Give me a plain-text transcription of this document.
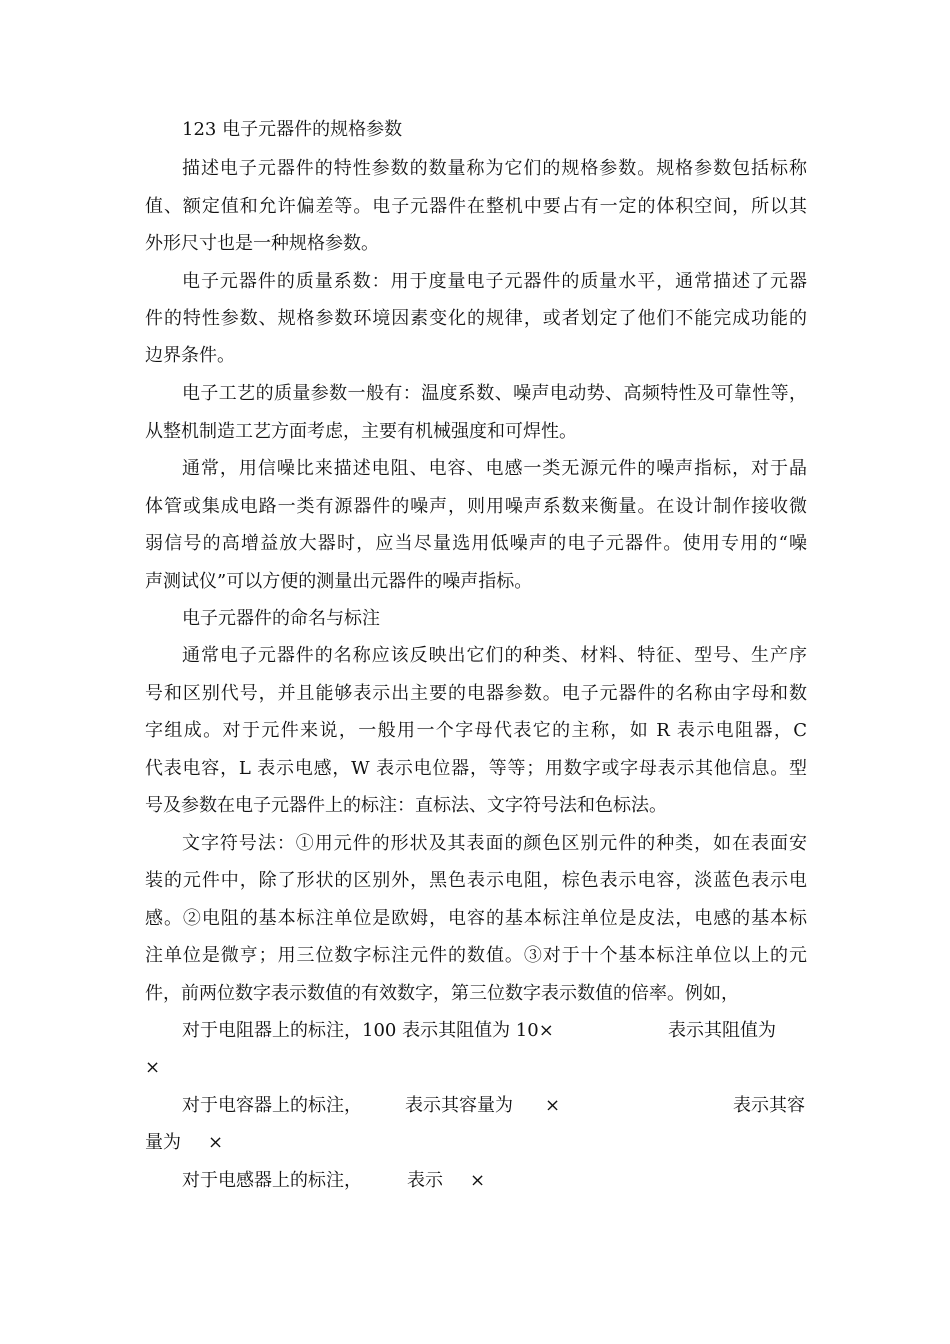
123 电子元器件的规格参数
描述电子元器件的特性参数的数量称为它们的规格参数。规格参数包括标称
值、额定值和允许偏差等。电子元器件在整机中要占有一定的体积空间，所以其
外形尺寸也是一种规格参数。
电子元器件的质量系数：用于度量电子元器件的质量水平，通常描述了元器
件的特性参数、规格参数环境因素变化的规律，或者划定了他们不能完成功能的
边界条件。
电子工艺的质量参数一般有：温度系数、噪声电动势、高频特性及可靠性等，
从整机制造工艺方面考虑，主要有机械强度和可焊性。
通常，用信噪比来描述电阻、电容、电感一类无源元件的噪声指标，对于晶
体管或集成电路一类有源器件的噪声，则用噪声系数来衡量。在设计制作接收微
弱信号的高增益放大器时，应当尽量选用低噪声的电子元器件。使用专用的“噪
声测试仪”可以方便的测量出元器件的噪声指标。
电子元器件的命名与标注
通常电子元器件的名称应该反映出它们的种类、材料、特征、型号、生产序
号和区别代号，并且能够表示出主要的电器参数。电子元器件的名称由字母和数
字组成。对于元件来说，一般用一个字母代表它的主称，如 R 表示电阻器，C
代表电容，L 表示电感，W 表示电位器，等等；用数字或字母表示其他信息。型
号及参数在电子元器件上的标注：直标法、文字符号法和色标法。
文字符号法：①用元件的形状及其表面的颜色区别元件的种类，如在表面安
装的元件中，除了形状的区别外，黑色表示电阻，棕色表示电容，淡蓝色表示电
感。②电阻的基本标注单位是欧姆，电容的基本标注单位是皮法，电感的基本标
注单位是微亨；用三位数字标注元件的数值。③对于十个基本标注单位以上的元
件，前两位数字表示数值的有效数字，第三位数字表示数值的倍率。例如，
对于电阻器上的标注，100 表示其阻值为 10×	表示其阻值为
×
对于电容器上的标注， 表示其容量为 ×	表示其容
量为 ×
对于电感器上的标注，	表示 ×
